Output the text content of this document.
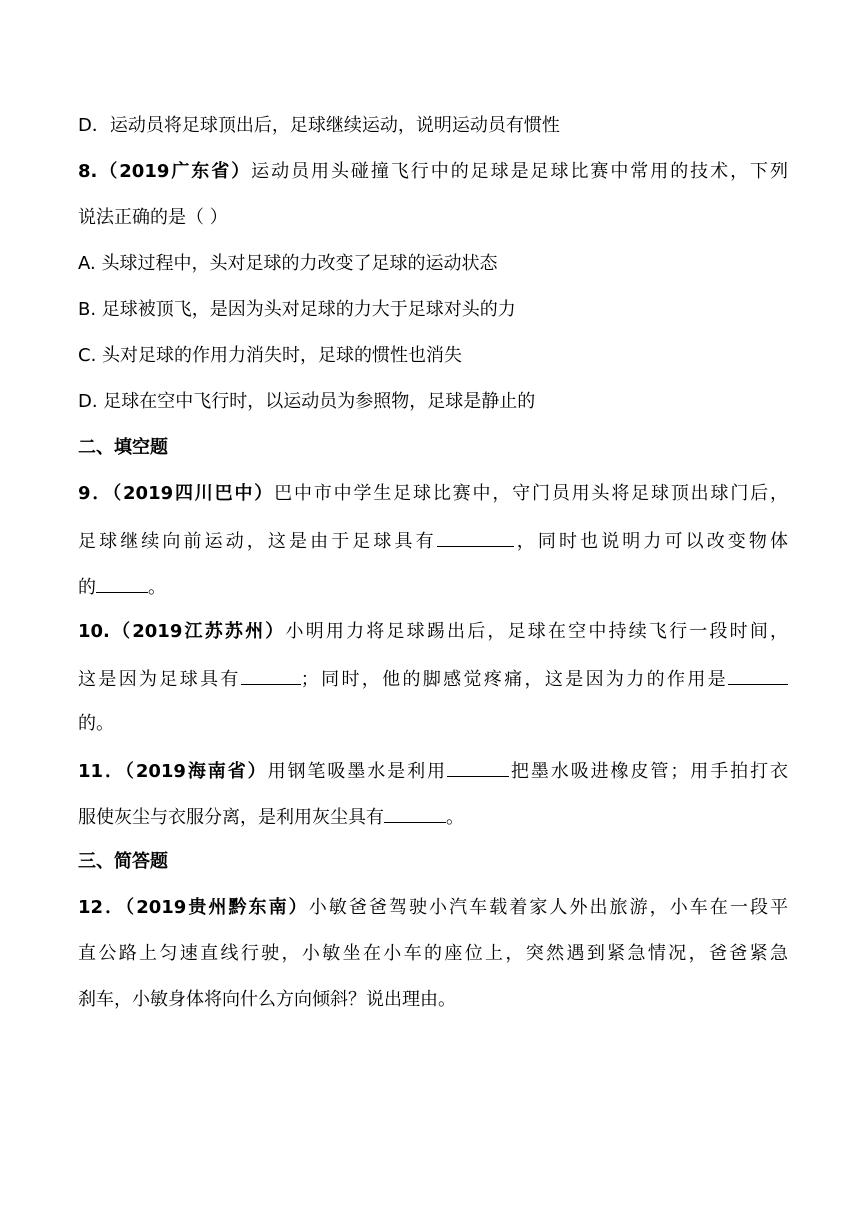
D．运动员将足球顶出后，足球继续运动，说明运动员有惯性
8.（2019广东省）运动员用头碰撞飞行中的足球是足球比赛中常用的技术，下列
说法正确的是（ ）
A. 头球过程中，头对足球的力改变了足球的运动状态
B. 足球被顶飞，是因为头对足球的力大于足球对头的力
C. 头对足球的作用力消失时，足球的惯性也消失
D. 足球在空中飞行时，以运动员为参照物，足球是静止的
二、填空题
9．（2019四川巴中）巴中市中学生足球比赛中，守门员用头将足球顶出球门后，
足球继续向前运动，这是由于足球具有	，同时也说明力可以改变物体
的	。
10.（2019江苏苏州）小明用力将足球踢出后，足球在空中持续飞行一段时间，
这是因为足球具有	；同时，他的脚感觉疼痛，这是因为力的作用是
的。
11．（2019海南省）用钢笔吸墨水是利用	把墨水吸进橡皮管；用手拍打衣
服使灰尘与衣服分离，是利用灰尘具有	。
三、简答题
12．（2019贵州黔东南）小敏爸爸驾驶小汽车载着家人外出旅游，小车在一段平
直公路上匀速直线行驶，小敏坐在小车的座位上，突然遇到紧急情况，爸爸紧急
刹车，小敏身体将向什么方向倾斜？说出理由。
